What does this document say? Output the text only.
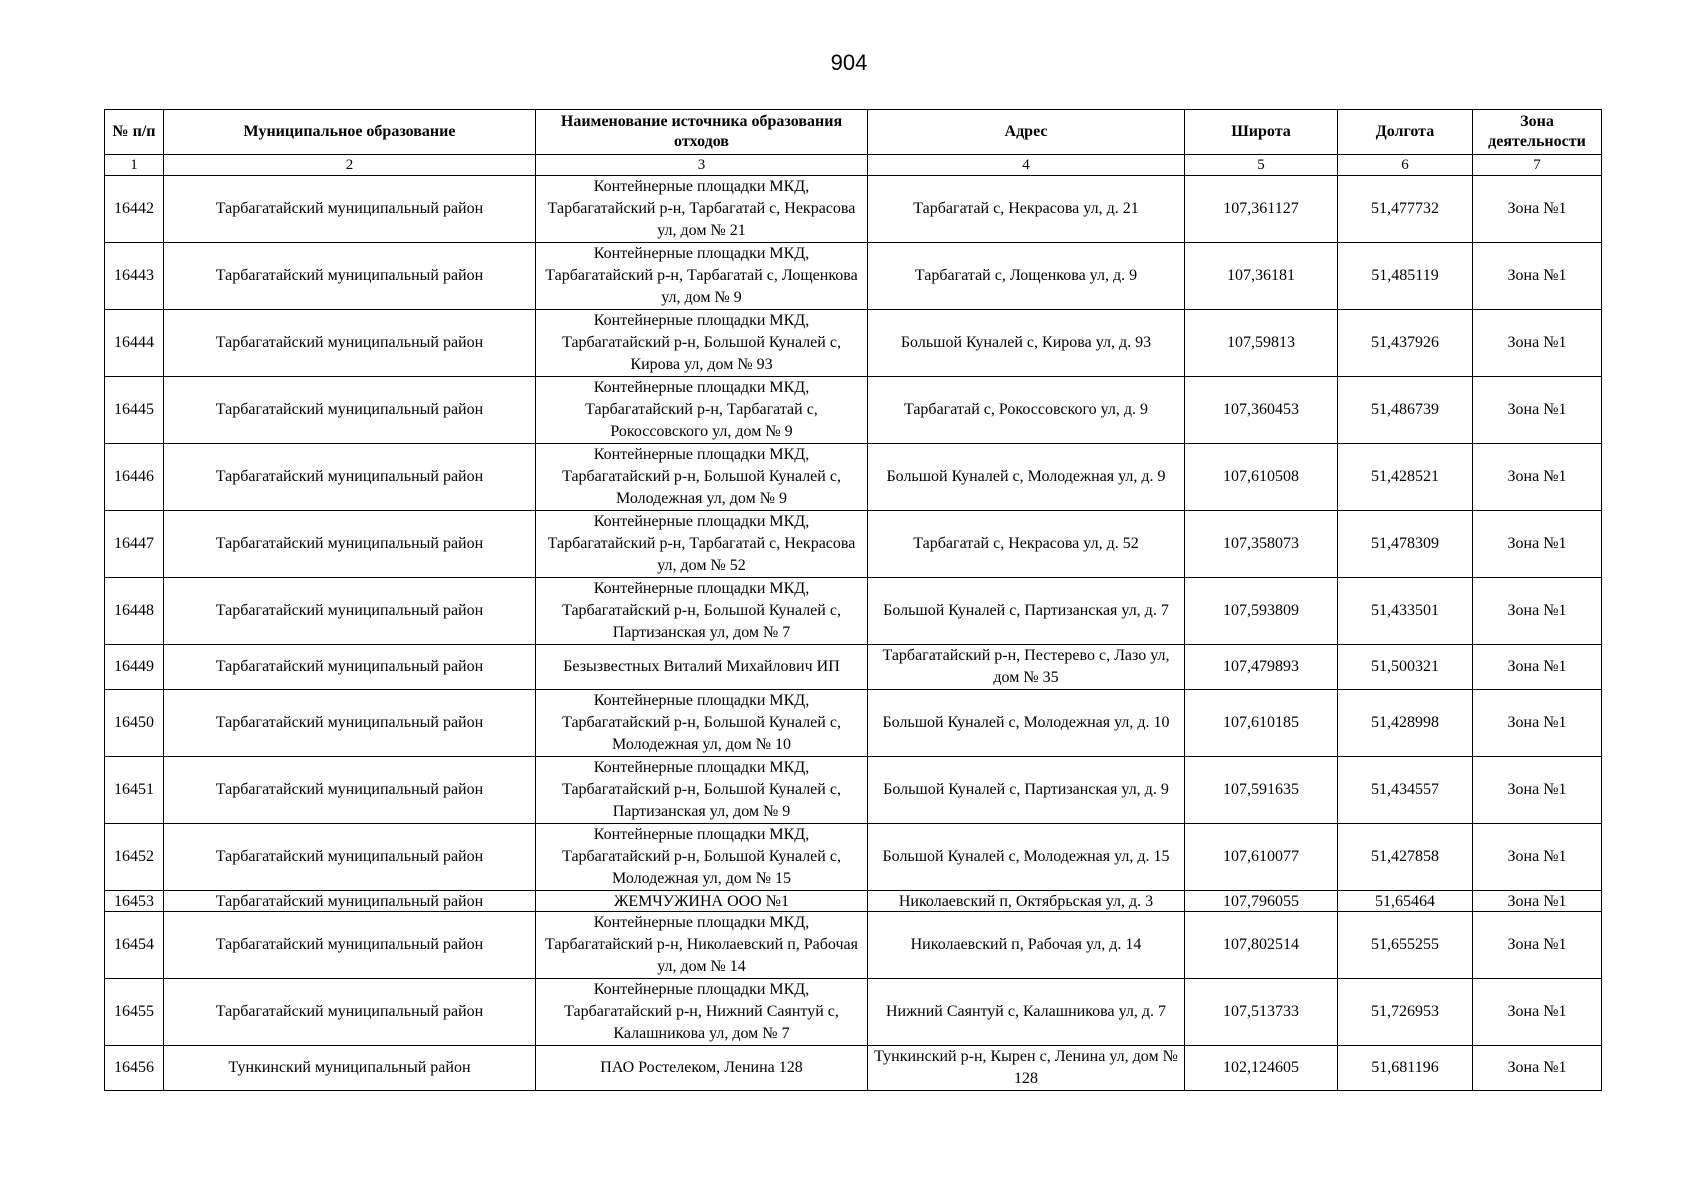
904
№ п/п	Муниципальное образование	Наименование источника образования отходов	Адрес	Широта	Долгота	Зона деятельности
1	2	3	4	5	6	7
16442	Тарбагатайский муниципальный район	Контейнерные площадки МКД, Тарбагатайский р-н, Тарбагатай с, Некрасова ул, дом № 21	Тарбагатай с, Некрасова ул, д. 21	107,361127	51,477732	Зона №1
16443	Тарбагатайский муниципальный район	Контейнерные площадки МКД, Тарбагатайский р-н, Тарбагатай с, Лощенкова ул, дом № 9	Тарбагатай с, Лощенкова ул, д. 9	107,36181	51,485119	Зона №1
16444	Тарбагатайский муниципальный район	Контейнерные площадки МКД, Тарбагатайский р-н, Большой Куналей с, Кирова ул, дом № 93	Большой Куналей с, Кирова ул, д. 93	107,59813	51,437926	Зона №1
16445	Тарбагатайский муниципальный район	Контейнерные площадки МКД, Тарбагатайский р-н, Тарбагатай с, Рокоссовского ул, дом № 9	Тарбагатай с, Рокоссовского ул, д. 9	107,360453	51,486739	Зона №1
16446	Тарбагатайский муниципальный район	Контейнерные площадки МКД, Тарбагатайский р-н, Большой Куналей с, Молодежная ул, дом № 9	Большой Куналей с, Молодежная ул, д. 9	107,610508	51,428521	Зона №1
16447	Тарбагатайский муниципальный район	Контейнерные площадки МКД, Тарбагатайский р-н, Тарбагатай с, Некрасова ул, дом № 52	Тарбагатай с, Некрасова ул, д. 52	107,358073	51,478309	Зона №1
16448	Тарбагатайский муниципальный район	Контейнерные площадки МКД, Тарбагатайский р-н, Большой Куналей с, Партизанская ул, дом № 7	Большой Куналей с, Партизанская ул, д. 7	107,593809	51,433501	Зона №1
16449	Тарбагатайский муниципальный район	Безызвестных Виталий Михайлович ИП	Тарбагатайский р-н, Пестерево с, Лазо ул, дом № 35	107,479893	51,500321	Зона №1
16450	Тарбагатайский муниципальный район	Контейнерные площадки МКД, Тарбагатайский р-н, Большой Куналей с, Молодежная ул, дом № 10	Большой Куналей с, Молодежная ул, д. 10	107,610185	51,428998	Зона №1
16451	Тарбагатайский муниципальный район	Контейнерные площадки МКД, Тарбагатайский р-н, Большой Куналей с, Партизанская ул, дом № 9	Большой Куналей с, Партизанская ул, д. 9	107,591635	51,434557	Зона №1
16452	Тарбагатайский муниципальный район	Контейнерные площадки МКД, Тарбагатайский р-н, Большой Куналей с, Молодежная ул, дом № 15	Большой Куналей с, Молодежная ул, д. 15	107,610077	51,427858	Зона №1
16453	Тарбагатайский муниципальный район	ЖЕМЧУЖИНА ООО №1	Николаевский п, Октябрьская ул, д. 3	107,796055	51,65464	Зона №1
16454	Тарбагатайский муниципальный район	Контейнерные площадки МКД, Тарбагатайский р-н, Николаевский п, Рабочая ул, дом № 14	Николаевский п, Рабочая ул, д. 14	107,802514	51,655255	Зона №1
16455	Тарбагатайский муниципальный район	Контейнерные площадки МКД, Тарбагатайский р-н, Нижний Саянтуй с, Калашникова ул, дом № 7	Нижний Саянтуй с, Калашникова ул, д. 7	107,513733	51,726953	Зона №1
16456	Тункинский муниципальный район	ПАО Ростелеком, Ленина 128	Тункинский р-н, Кырен с, Ленина ул, дом № 128	102,124605	51,681196	Зона №1
